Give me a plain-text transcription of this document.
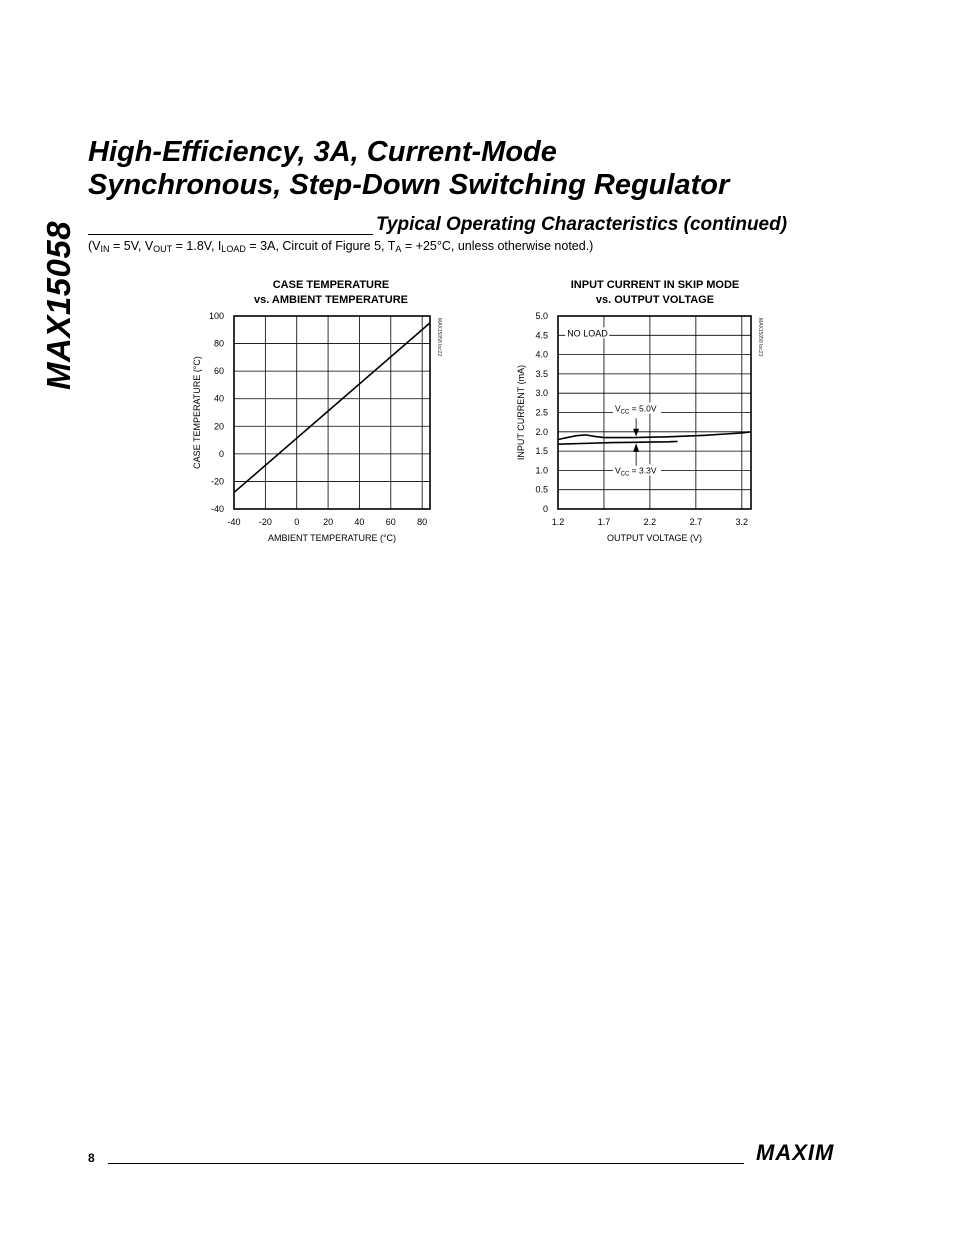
MAX15058
High-Efficiency, 3A, Current-Mode
Synchronous, Step-Down Switching Regulator
Typical Operating Characteristics (continued)
($V_{IN} = 5V$, $V_{OUT} = 1.8V$, $I_{LOAD} = 3A$, Circuit of Figure 5, $T_A = +25^\circ C$, unless otherwise noted.)
CASE TEMPERATURE
vs. AMBIENT TEMPERATURE
-40 -20 0	20 40 60 80
-40
-20
0
20
40
60
80
100
AMBIENT TEMPERATURE (°C)
CASE TEMPERATURE (°C)
MAX15058 toc22
INPUT CURRENT IN SKIP MODE
vs. OUTPUT VOLTAGE
1.2	1.7	2.2	2.7	3.2
0
0.5
1.0
1.5
2.0
2.5
3.0
3.5
4.0
4.5
5.0
OUTPUT VOLTAGE (V)
INPUT CURRENT (mA)
MAX15058 toc23
NO LOAD
$V_{CC} = 5.0V$
$V_{CC} = 3.3V$
8	MAXIM
